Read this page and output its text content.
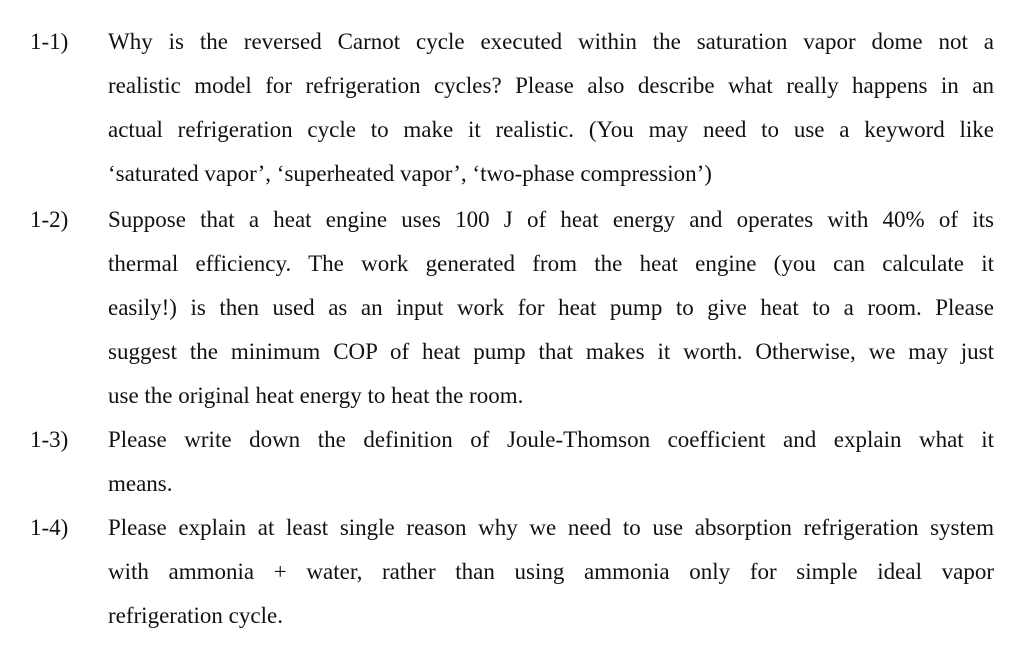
1-1) Why is the reversed Carnot cycle executed within the saturation vapor dome not a
realistic model for refrigeration cycles? Please also describe what really happens in an
actual refrigeration cycle to make it realistic. (You may need to use a keyword like
‘saturated vapor’, ‘superheated vapor’, ‘two-phase compression’)
1-2) Suppose that a heat engine uses 100 J of heat energy and operates with 40% of its
thermal efficiency. The work generated from the heat engine (you can calculate it
easily!) is then used as an input work for heat pump to give heat to a room. Please
suggest the minimum COP of heat pump that makes it worth. Otherwise, we may just
use the original heat energy to heat the room.
1-3) Please write down the definition of Joule-Thomson coefficient and explain what it
means.
1-4) Please explain at least single reason why we need to use absorption refrigeration system
with ammonia + water, rather than using ammonia only for simple ideal vapor
refrigeration cycle.
